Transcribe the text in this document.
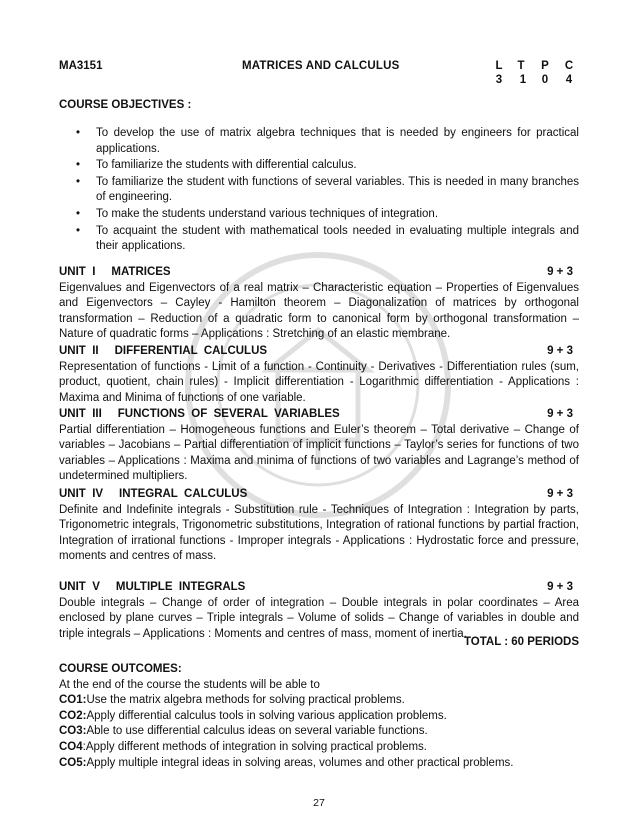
MA3151	MATRICES AND CALCULUS	L	T	P C
3	1	0	4
COURSE OBJECTIVES :
• To develop the use of matrix algebra techniques that is needed by engineers for practical applications.
• To familiarize the students with differential calculus.
• To familiarize the student with functions of several variables. This is needed in many branches of engineering.
• To make the students understand various techniques of integration.
• To acquaint the student with mathematical tools needed in evaluating multiple integrals and their applications.
UNIT  I     MATRICES	9 + 3
Eigenvalues and Eigenvectors of a real matrix – Characteristic equation – Properties of Eigenvalues and Eigenvectors – Cayley - Hamilton theorem – Diagonalization of matrices by orthogonal transformation – Reduction of a quadratic form to canonical form by orthogonal transformation – Nature of quadratic forms – Applications : Stretching of an elastic membrane.
UNIT  II     DIFFERENTIAL  CALCULUS	9 + 3
Representation of functions - Limit of a function - Continuity - Derivatives - Differentiation rules (sum, product, quotient, chain rules) - Implicit differentiation - Logarithmic differentiation - Applications : Maxima and Minima of functions of one variable.
UNIT  III     FUNCTIONS  OF  SEVERAL  VARIABLES	9 + 3
Partial differentiation – Homogeneous functions and Euler’s theorem – Total derivative – Change of variables – Jacobians – Partial differentiation of implicit functions – Taylor’s series for functions of two variables – Applications : Maxima and minima of functions of two variables and Lagrange’s method of undetermined multipliers.
UNIT  IV     INTEGRAL  CALCULUS	9 + 3
Definite and Indefinite integrals - Substitution rule - Techniques of Integration : Integration by parts, Trigonometric integrals, Trigonometric substitutions, Integration of rational functions by partial fraction, Integration of irrational functions - Improper integrals - Applications : Hydrostatic force and pressure, moments and centres of mass.
UNIT  V     MULTIPLE  INTEGRALS	9 + 3
Double integrals – Change of order of integration – Double integrals in polar coordinates – Area enclosed by plane curves – Triple integrals – Volume of solids – Change of variables in double and triple integrals – Applications : Moments and centres of mass, moment of inertia.
TOTAL : 60 PERIODS
COURSE OUTCOMES:
At the end of the course the students will be able to
CO1:Use the matrix algebra methods for solving practical problems.
CO2:Apply differential calculus tools in solving various application problems.
CO3:Able to use differential calculus ideas on several variable functions.
CO4:Apply different methods of integration in solving practical problems.
CO5:Apply multiple integral ideas in solving areas, volumes and other practical problems.
27
